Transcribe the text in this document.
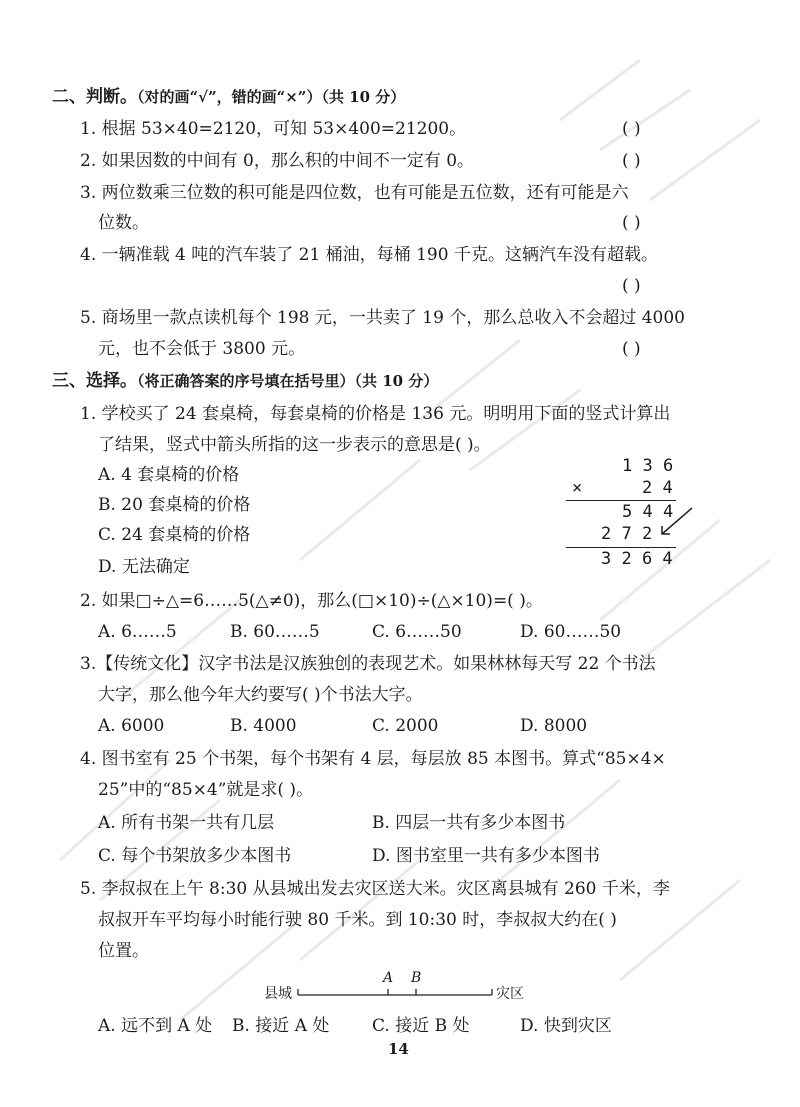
二、判断。（对的画“√”，错的画“×”）（共 10 分）
1. 根据 53×40=2120，可知 53×400=21200。	( )
2. 如果因数的中间有 0，那么积的中间不一定有 0。	( )
3. 两位数乘三位数的积可能是四位数，也有可能是五位数，还有可能是六
位数。	( )
4. 一辆准载 4 吨的汽车装了 21 桶油，每桶 190 千克。这辆汽车没有超载。
( )
5. 商场里一款点读机每个 198 元，一共卖了 19 个，那么总收入不会超过 4000
元，也不会低于 3800 元。	( )
三、选择。（将正确答案的序号填在括号里）（共 10 分）
1. 学校买了 24 套桌椅，每套桌椅的价格是 136 元。明明用下面的竖式计算出
了结果，竖式中箭头所指的这一步表示的意思是( )。
A. 4 套桌椅的价格
B. 20 套桌椅的价格
C. 24 套桌椅的价格
D. 无法确定
1 3 6
×	2 4
5 4 4
2 7 2
3 2 6 4
2. 如果□÷△=6……5(△≠0)，那么(□×10)÷(△×10)=( )。
A. 6……5	B. 60……5	C. 6……50	D. 60……50
3.【传统文化】汉字书法是汉族独创的表现艺术。如果林林每天写 22 个书法
大字，那么他今年大约要写( )个书法大字。
A. 6000	B. 4000	C. 2000	D. 8000
4. 图书室有 25 个书架，每个书架有 4 层，每层放 85 本图书。算式“85×4×
25”中的“85×4”就是求( )。
A. 所有书架一共有几层	B. 四层一共有多少本图书
C. 每个书架放多少本图书	D. 图书室里一共有多少本图书
5. 李叔叔在上午 8:30 从县城出发去灾区送大米。灾区离县城有 260 千米，李
叔叔开车平均每小时能行驶 80 千米。到 10:30 时，李叔叔大约在( )
位置。
县城	灾区
A B
A. 远不到 A 处 B. 接近 A 处	C. 接近 B 处	D. 快到灾区
14
